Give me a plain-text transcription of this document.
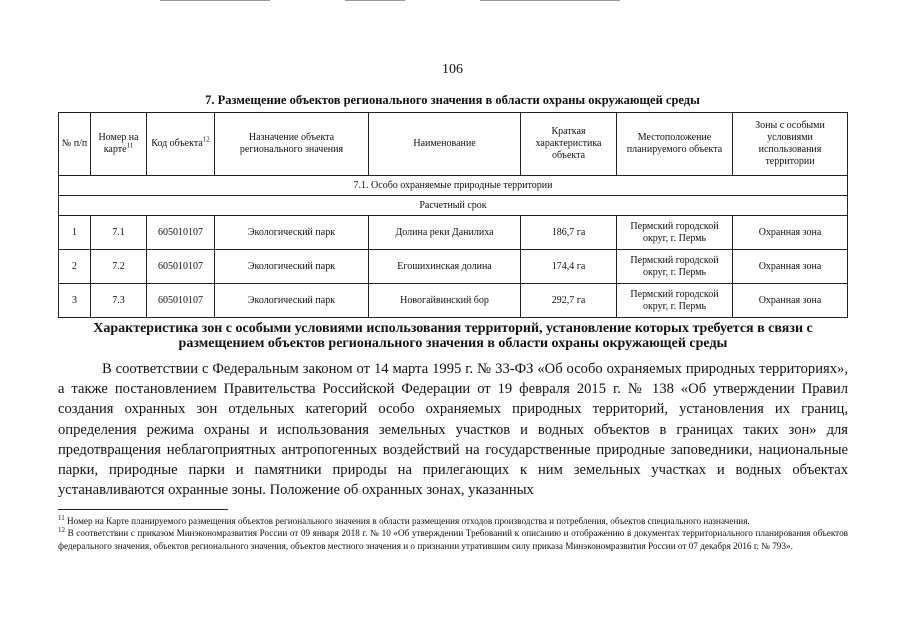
106
7. Размещение объектов регионального значения в области охраны окружающей среды
№ п/п	Номер на карте$^{11}$	Код объекта$^{12}$	Назначение объекта регионального значения	Наименование	Краткая характеристика объекта	Местоположение планируемого объекта	Зоны с особыми условиями использования территории
7.1. Особо охраняемые природные территории							
Расчетный срок							
1	7.1	605010107	Экологический парк	Долина реки Данилиха	186,7 га	Пермский городской округ, г. Пермь	Охранная зона
2	7.2	605010107	Экологический парк	Егошихинская долина	174,4 га	Пермский городской округ, г. Пермь	Охранная зона
3	7.3	605010107	Экологический парк	Новогайвинский бор	292,7 га	Пермский городской округ, г. Пермь	Охранная зона
Характеристика зон с особыми условиями использования территорий, установление которых требуется в связи с размещением объектов регионального значения в области охраны окружающей среды

В соответствии с Федеральным законом от 14 марта 1995 г. № 33-ФЗ «Об особо охраняемых природных территориях», а также постановлением Правительства Российской Федерации от 19 февраля 2015 г. № 138 «Об утверждении Правил создания охранных зон отдельных категорий особо охраняемых природных территорий, установления их границ, определения режима охраны и использования земельных участков и водных объектов в границах таких зон» для предотвращения неблагоприятных антропогенных воздействий на государственные природные заповедники, национальные парки, природные парки и памятники природы на прилегающих к ним земельных участках и водных объектах устанавливаются охранные зоны. Положение об охранных зонах, указанных

$^{11}$ Номер на Карте планируемого размещения объектов регионального значения в области размещения отходов производства и потребления, объектов специального назначения.

$^{12}$ В соответствии с приказом Минэкономразвития России от 09 января 2018 г. № 10 «Об утверждении Требований к описанию и отображению в документах территориального планирования объектов федерального значения, объектов регионального значения, объектов местного значения и о признании утратившим силу приказа Минэкономразвития России от 07 декабря 2016 г. № 793».
